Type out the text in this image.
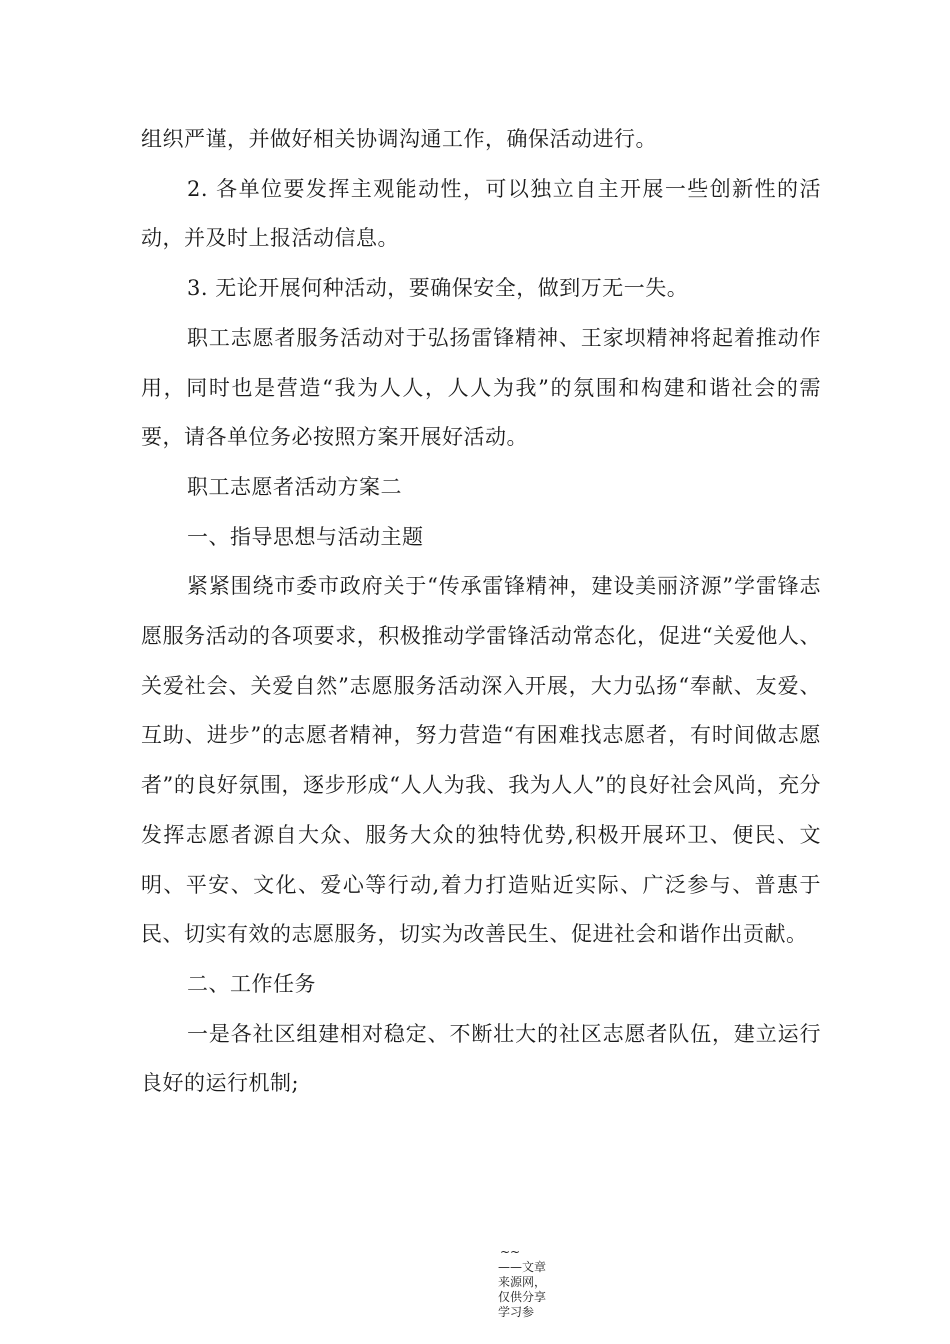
组织严谨，并做好相关协调沟通工作，确保活动进行。

2. 各单位要发挥主观能动性，可以独立自主开展一些创新性的活动，并及时上报活动信息。

3. 无论开展何种活动，要确保安全，做到万无一失。

职工志愿者服务活动对于弘扬雷锋精神、王家坝精神将起着推动作用，同时也是营造“我为人人，人人为我”的氛围和构建和谐社会的需要，请各单位务必按照方案开展好活动。

职工志愿者活动方案二

一、指导思想与活动主题

紧紧围绕市委市政府关于“传承雷锋精神，建设美丽济源”学雷锋志愿服务活动的各项要求，积极推动学雷锋活动常态化，促进“关爱他人、关爱社会、关爱自然”志愿服务活动深入开展，大力弘扬“奉献、友爱、互助、进步”的志愿者精神，努力营造“有困难找志愿者，有时间做志愿者”的良好氛围，逐步形成“人人为我、我为人人”的良好社会风尚，充分发挥志愿者源自大众、服务大众的独特优势,积极开展环卫、便民、文明、平安、文化、爱心等行动,着力打造贴近实际、广泛参与、普惠于民、切实有效的志愿服务，切实为改善民生、促进社会和谐作出贡献。

二、工作任务

一是各社区组建相对稳定、不断壮大的社区志愿者队伍，建立运行良好的运行机制;

~~
——文章来源网，仅供分享学习参
